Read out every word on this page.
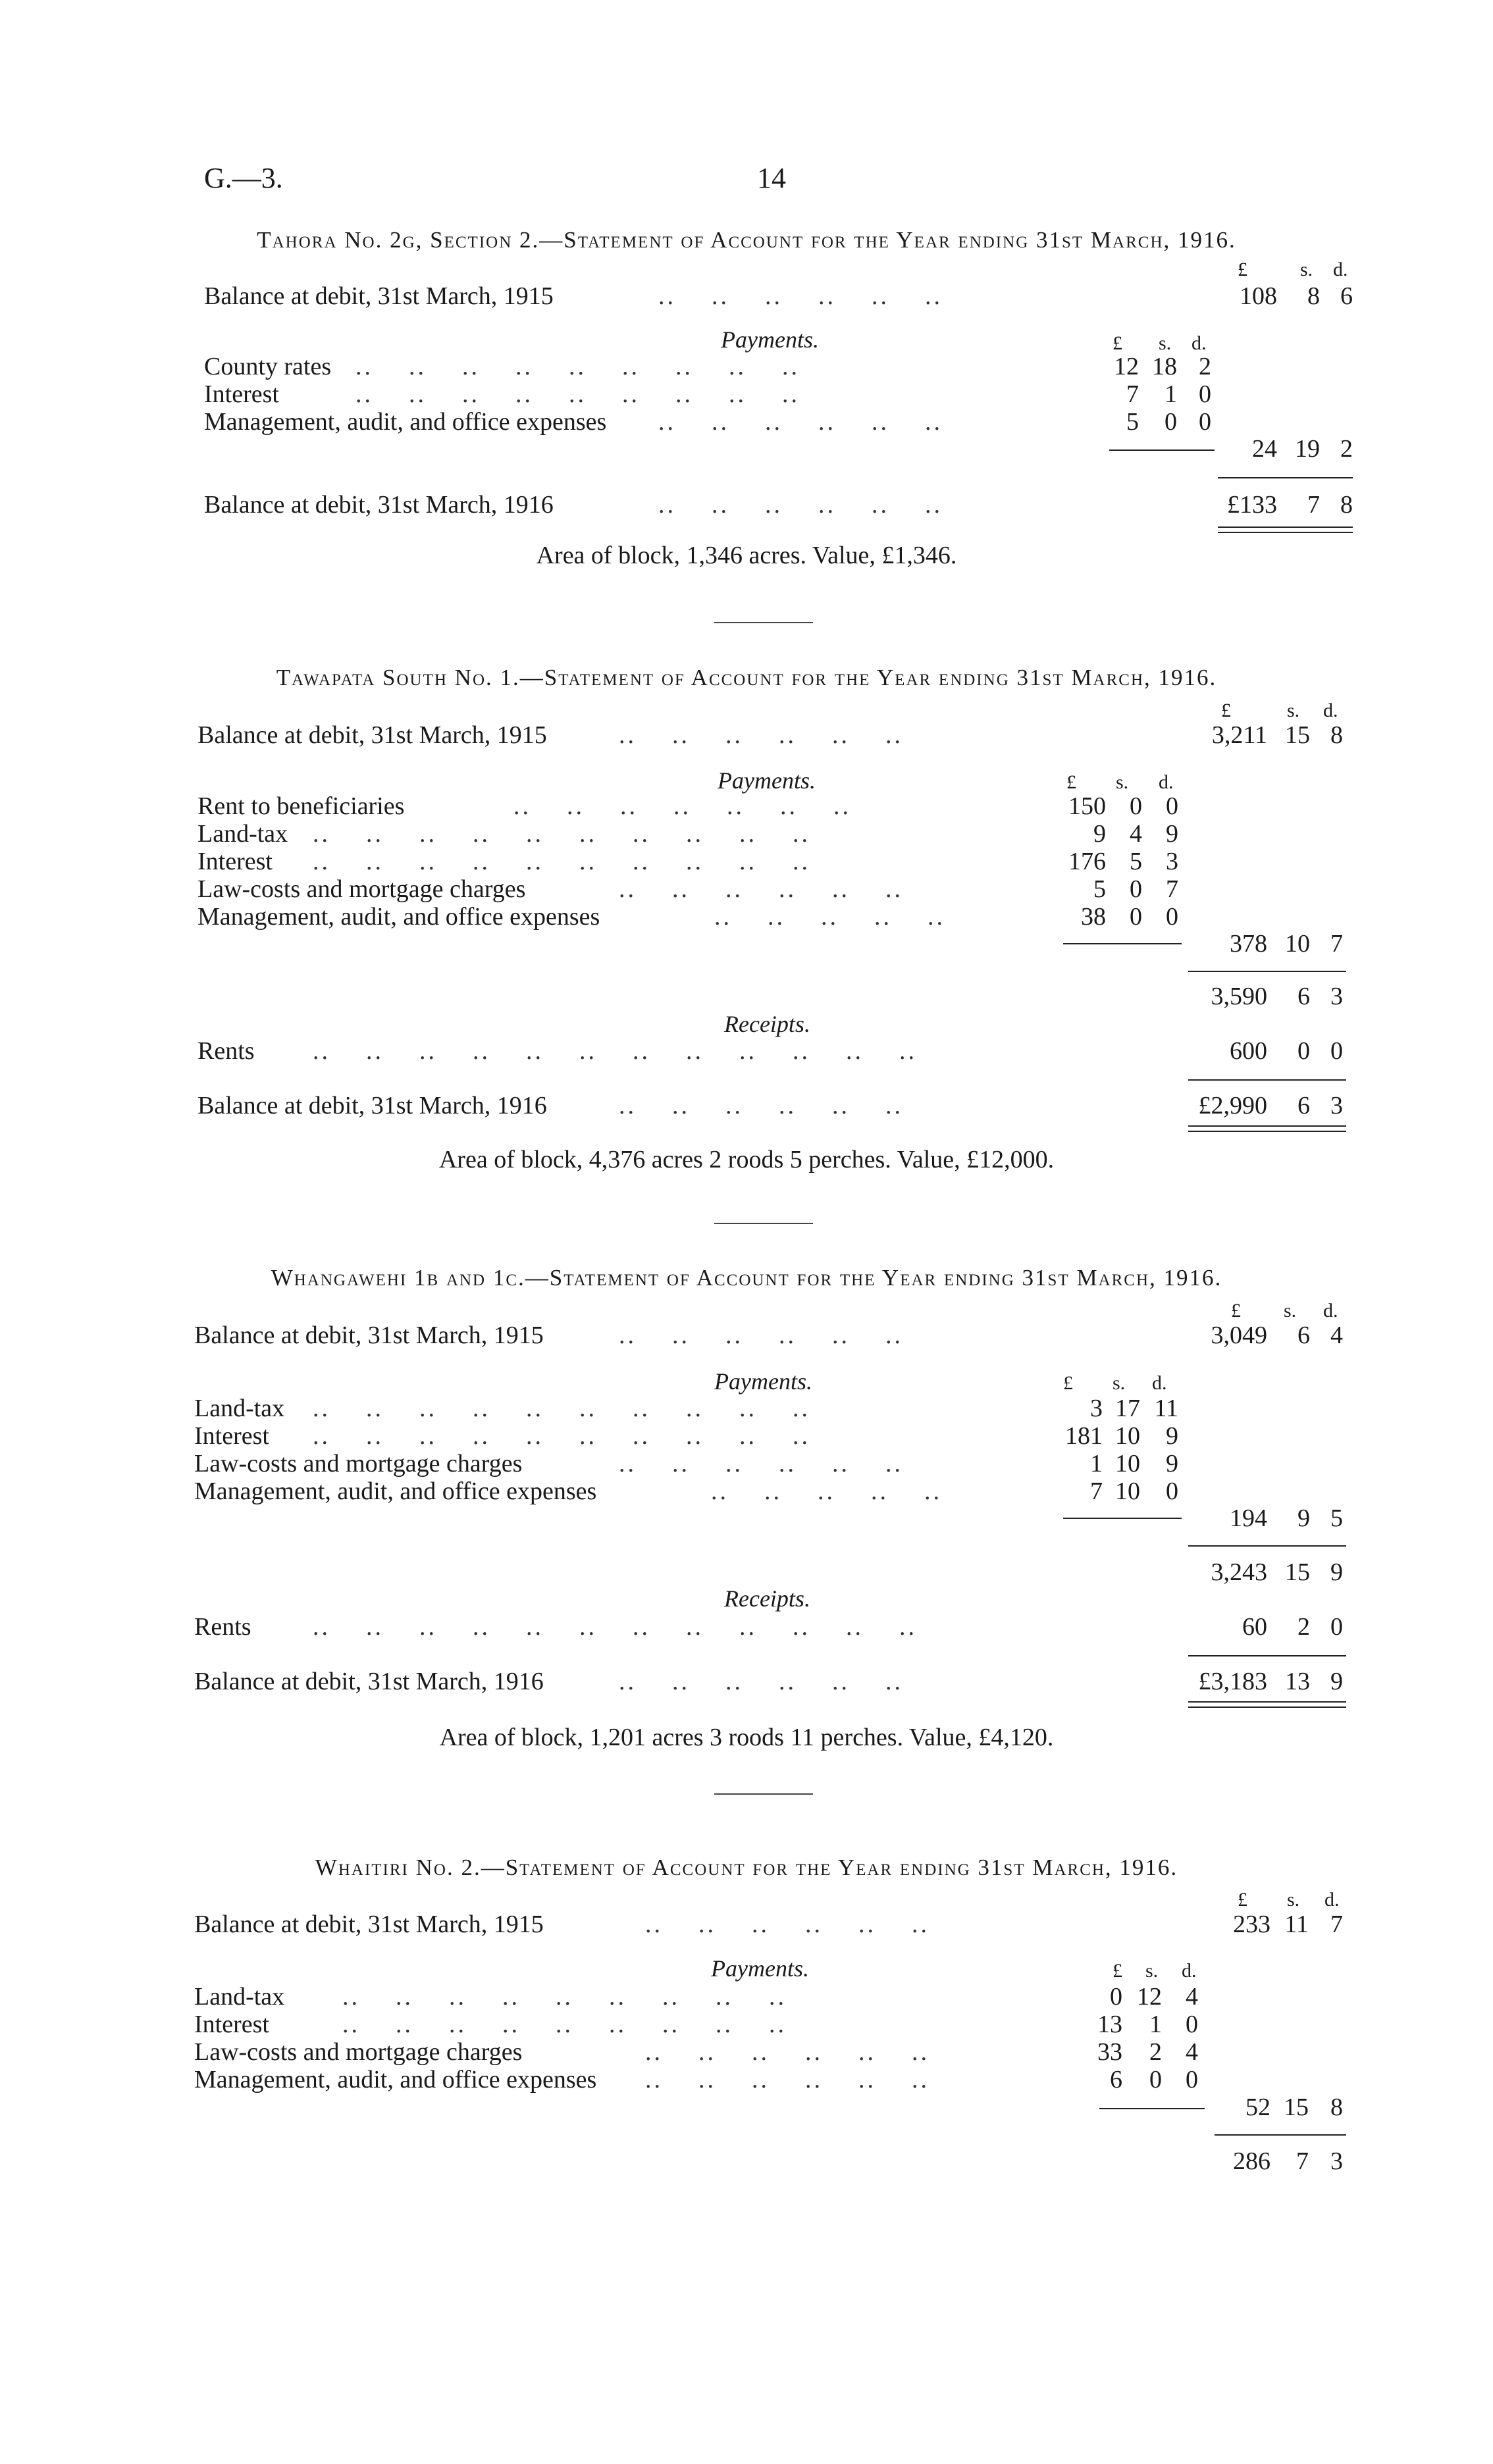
G.—3.	14
Tahora No. 2g, Section 2.—Statement of Account for the Year ending 31st March, 1916.
£	s. d.
Balance at debit, 31st March, 1915	..    ..    ..    ..    ..    ..	108	8 6
Payments.	£ s. d.
County rates ..    ..    ..    ..    ..    ..    ..    ..    ..	12 18 2
Interest	..    ..    ..    ..    ..    ..    ..    ..    ..	7	1 0
Management, audit, and office expenses ..    ..    ..    ..    ..    ..	5	0 0
24 19 2
Balance at debit, 31st March, 1916	..    ..    ..    ..    ..    ..	£133	7 8
Area of block, 1,346 acres. Value, £1,346.
Tawapata South No. 1.—Statement of Account for the Year ending 31st March, 1916.
£	s. d.
Balance at debit, 31st March, 1915	..    ..    ..    ..    ..    ..	3,211 15 8
Payments.	£ s. d.
Rent to beneficiaries	..    ..    ..    ..    ..    ..    ..	150 0 0
Land-tax ..    ..    ..    ..    ..    ..    ..    ..    ..    ..	9 4 9
Interest ..    ..    ..    ..    ..    ..    ..    ..    ..    ..	176 5 3
Law-costs and mortgage charges	..    ..    ..    ..    ..    ..	5 0 7
Management, audit, and office expenses	..    ..    ..    ..    ..	38 0 0
378 10 7
3,590	6 3
Receipts.
Rents ..    ..    ..    ..    ..    ..    ..    ..    ..    ..    ..    ..	600	0 0
Balance at debit, 31st March, 1916	..    ..    ..    ..    ..    ..	£2,990	6 3
Area of block, 4,376 acres 2 roods 5 perches. Value, £12,000.
Whangawehi 1b and 1c.—Statement of Account for the Year ending 31st March, 1916.
£ s. d.
Balance at debit, 31st March, 1915	..    ..    ..    ..    ..    ..	3,049	6 4
Payments.	£ s. d.
Land-tax ..    ..    ..    ..    ..    ..    ..    ..    ..    ..	3 17 11
Interest ..    ..    ..    ..    ..    ..    ..    ..    ..    ..	181 10	9
Law-costs and mortgage charges	..    ..    ..    ..    ..    ..	1 10	9
Management, audit, and office expenses	..    ..    ..    ..    ..	7 10	0
194	9 5
3,243 15 9
Receipts.
Rents ..    ..    ..    ..    ..    ..    ..    ..    ..    ..    ..    ..	60	2 0
Balance at debit, 31st March, 1916	..    ..    ..    ..    ..    ..	£3,183 13 9
Area of block, 1,201 acres 3 roods 11 perches. Value, £4,120.
Whaitiri No. 2.—Statement of Account for the Year ending 31st March, 1916.
£ s. d.
Balance at debit, 31st March, 1915	..    ..    ..    ..    ..    ..	233 11 7
Payments.	£ s. d.
Land-tax ..    ..    ..    ..    ..    ..    ..    ..    ..	0 12 4
Interest	..    ..    ..    ..    ..    ..    ..    ..    ..	13	1 0
Law-costs and mortgage charges	..    ..    ..    ..    ..    ..	33	2 4
Management, audit, and office expenses ..    ..    ..    ..    ..    ..	6	0 0
52 15 8
286	7 3
